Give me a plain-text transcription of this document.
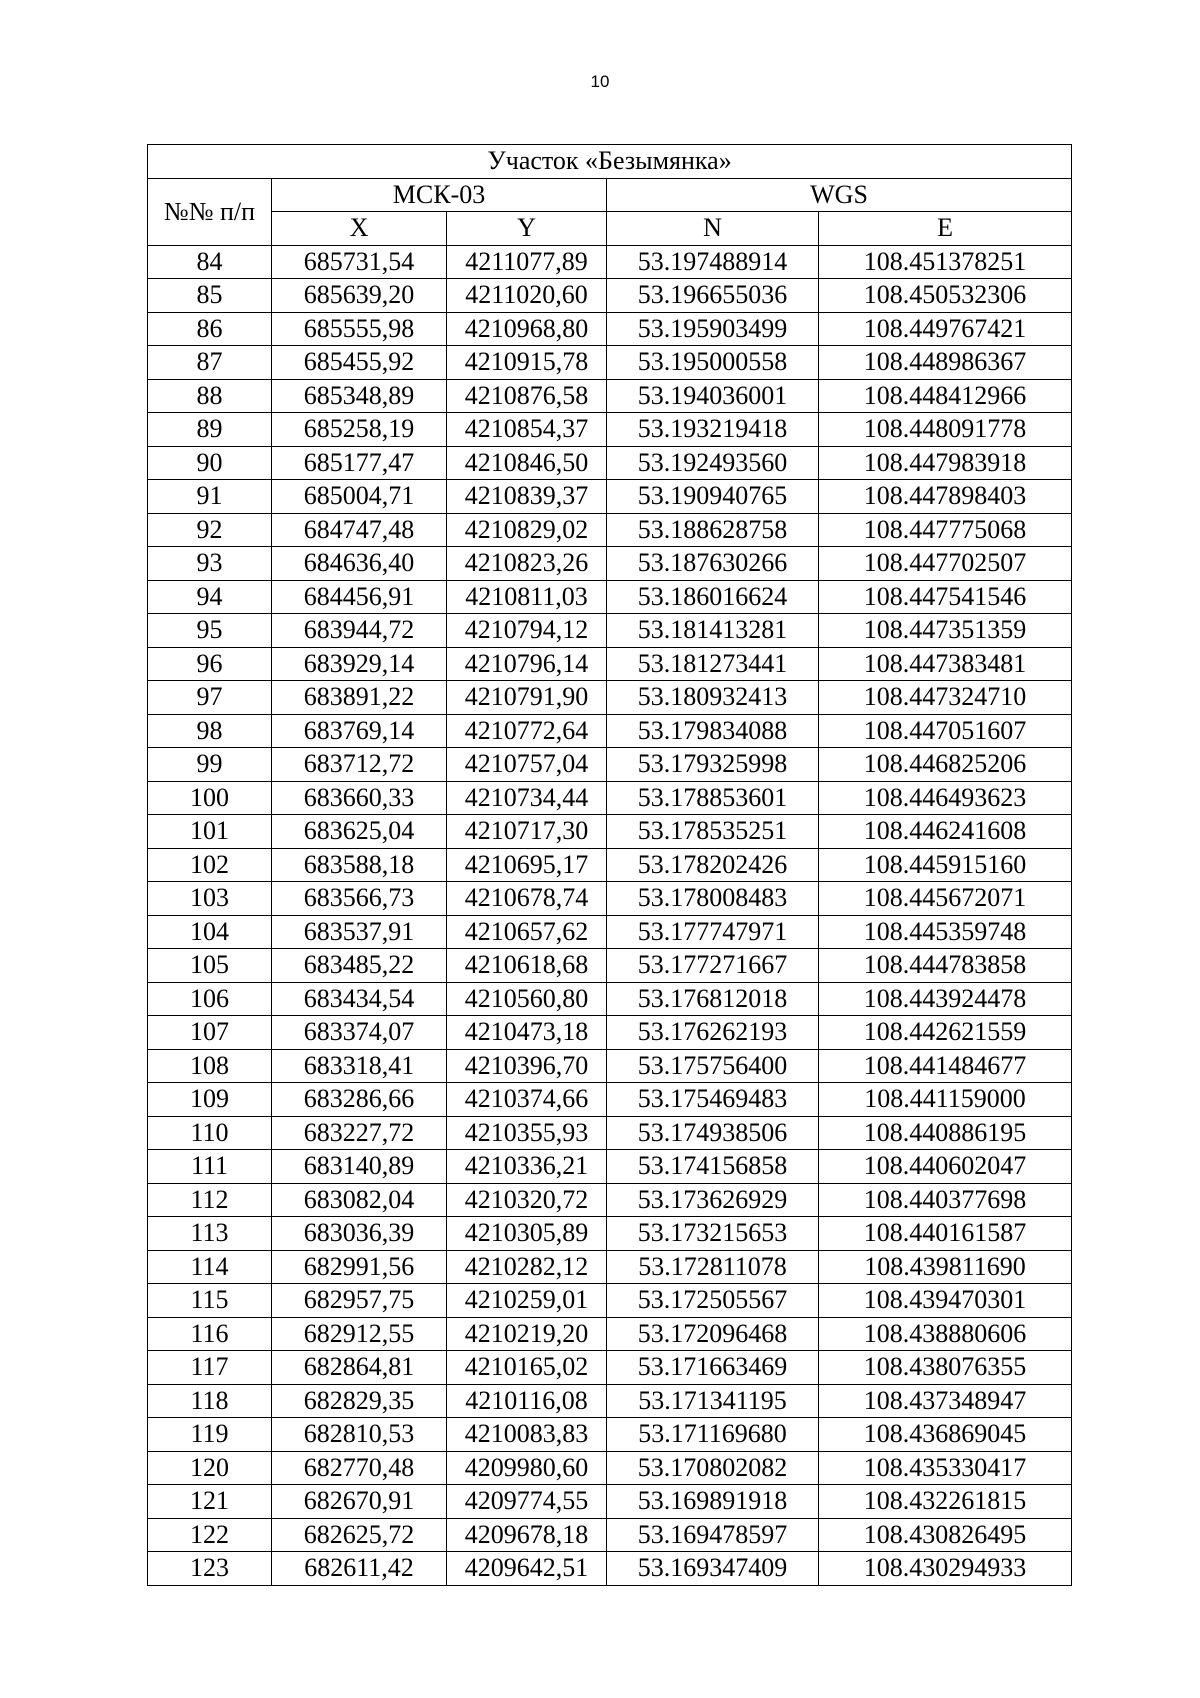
10
Участок «Безымянка»				
№№ п/п	МСК-03		WGS	
	X	Y	N	E
84	685731,54	4211077,89	53.197488914	108.451378251
85	685639,20	4211020,60	53.196655036	108.450532306
86	685555,98	4210968,80	53.195903499	108.449767421
87	685455,92	4210915,78	53.195000558	108.448986367
88	685348,89	4210876,58	53.194036001	108.448412966
89	685258,19	4210854,37	53.193219418	108.448091778
90	685177,47	4210846,50	53.192493560	108.447983918
91	685004,71	4210839,37	53.190940765	108.447898403
92	684747,48	4210829,02	53.188628758	108.447775068
93	684636,40	4210823,26	53.187630266	108.447702507
94	684456,91	4210811,03	53.186016624	108.447541546
95	683944,72	4210794,12	53.181413281	108.447351359
96	683929,14	4210796,14	53.181273441	108.447383481
97	683891,22	4210791,90	53.180932413	108.447324710
98	683769,14	4210772,64	53.179834088	108.447051607
99	683712,72	4210757,04	53.179325998	108.446825206
100	683660,33	4210734,44	53.178853601	108.446493623
101	683625,04	4210717,30	53.178535251	108.446241608
102	683588,18	4210695,17	53.178202426	108.445915160
103	683566,73	4210678,74	53.178008483	108.445672071
104	683537,91	4210657,62	53.177747971	108.445359748
105	683485,22	4210618,68	53.177271667	108.444783858
106	683434,54	4210560,80	53.176812018	108.443924478
107	683374,07	4210473,18	53.176262193	108.442621559
108	683318,41	4210396,70	53.175756400	108.441484677
109	683286,66	4210374,66	53.175469483	108.441159000
110	683227,72	4210355,93	53.174938506	108.440886195
111	683140,89	4210336,21	53.174156858	108.440602047
112	683082,04	4210320,72	53.173626929	108.440377698
113	683036,39	4210305,89	53.173215653	108.440161587
114	682991,56	4210282,12	53.172811078	108.439811690
115	682957,75	4210259,01	53.172505567	108.439470301
116	682912,55	4210219,20	53.172096468	108.438880606
117	682864,81	4210165,02	53.171663469	108.438076355
118	682829,35	4210116,08	53.171341195	108.437348947
119	682810,53	4210083,83	53.171169680	108.436869045
120	682770,48	4209980,60	53.170802082	108.435330417
121	682670,91	4209774,55	53.169891918	108.432261815
122	682625,72	4209678,18	53.169478597	108.430826495
123	682611,42	4209642,51	53.169347409	108.430294933
